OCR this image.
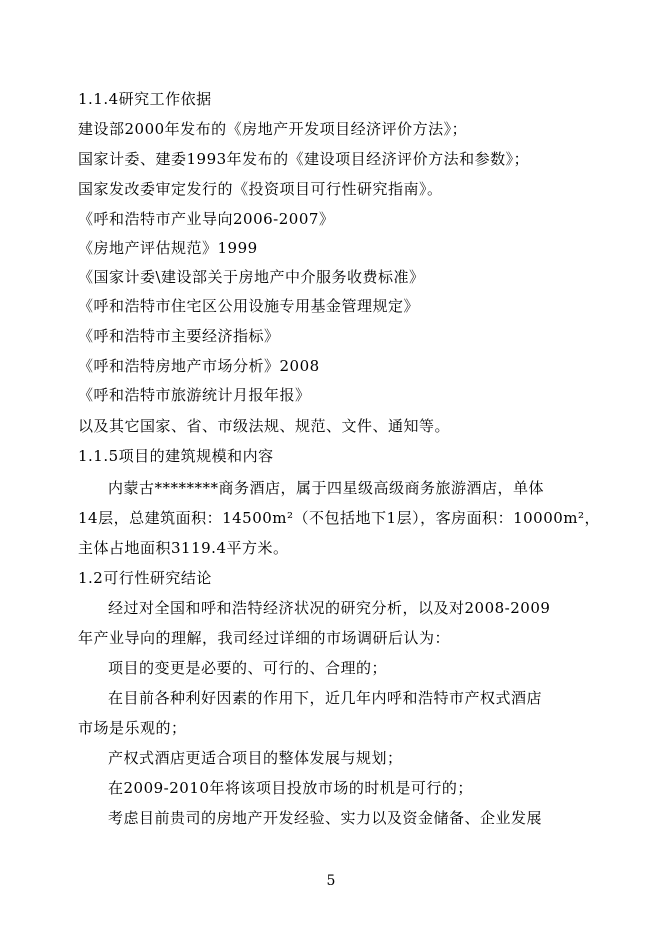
1.1.4研究工作依据
建设部2000年发布的《房地产开发项目经济评价方法》；
国家计委、建委1993年发布的《建设项目经济评价方法和参数》；
国家发改委审定发行的《投资项目可行性研究指南》。
《呼和浩特市产业导向2006-2007》
《房地产评估规范》1999
《国家计委\建设部关于房地产中介服务收费标准》
《呼和浩特市住宅区公用设施专用基金管理规定》
《呼和浩特市主要经济指标》
《呼和浩特房地产市场分析》2008
《呼和浩特市旅游统计月报年报》
以及其它国家、省、市级法规、规范、文件、通知等。
1.1.5项目的建筑规模和内容
内蒙古********商务酒店，属于四星级高级商务旅游酒店，单体
14层，总建筑面积：14500m²（不包括地下1层），客房面积：10000m²，
主体占地面积3119.4平方米。
1.2可行性研究结论
经过对全国和呼和浩特经济状况的研究分析，以及对2008-2009
年产业导向的理解，我司经过详细的市场调研后认为：
项目的变更是必要的、可行的、合理的；
在目前各种利好因素的作用下，近几年内呼和浩特市产权式酒店
市场是乐观的；
产权式酒店更适合项目的整体发展与规划；
在2009-2010年将该项目投放市场的时机是可行的；
考虑目前贵司的房地产开发经验、实力以及资金储备、企业发展
5
